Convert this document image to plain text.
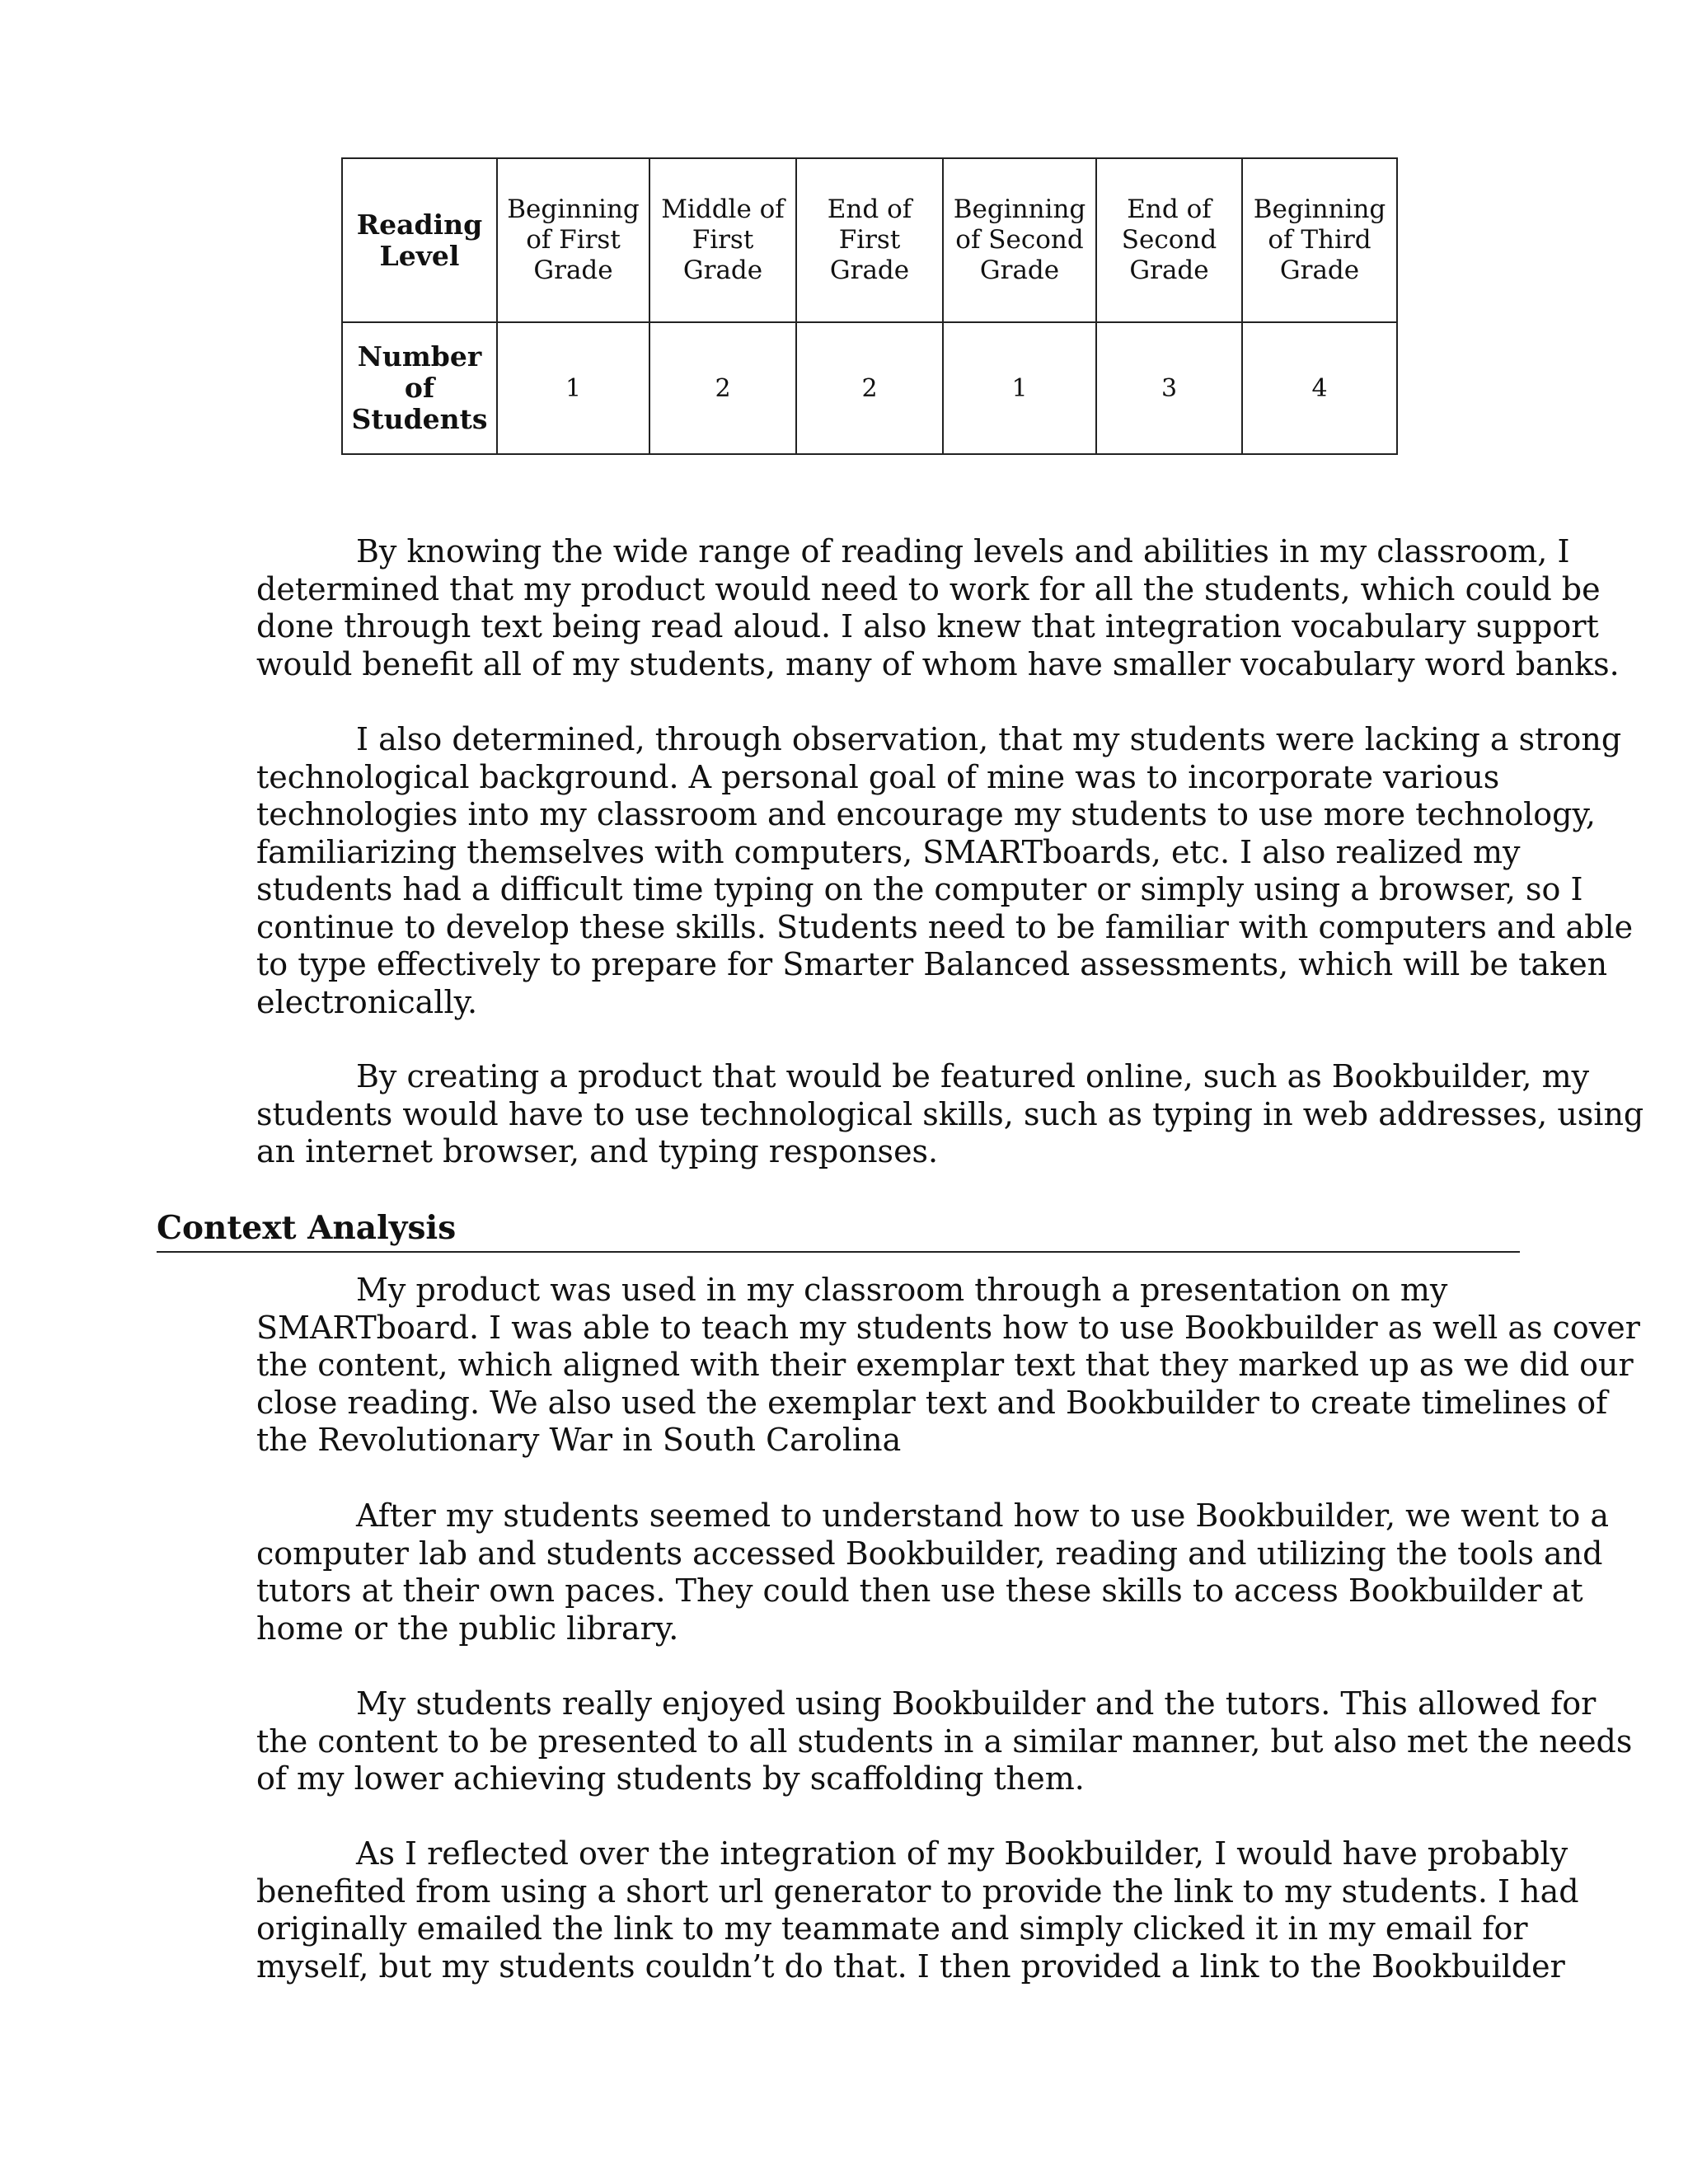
Reading Level	Beginning of First Grade	Middle of First Grade	End of First Grade	Beginning of Second Grade	End of Second Grade	Beginning of Third Grade
Number of Students	1	2	2	1	3	4

By knowing the wide range of reading levels and abilities in my classroom, I
determined that my product would need to work for all the students, which could be
done through text being read aloud. I also knew that integration vocabulary support
would benefit all of my students, many of whom have smaller vocabulary word banks.

I also determined, through observation, that my students were lacking a strong
technological background. A personal goal of mine was to incorporate various
technologies into my classroom and encourage my students to use more technology,
familiarizing themselves with computers, SMARTboards, etc. I also realized my
students had a difficult time typing on the computer or simply using a browser, so I
continue to develop these skills. Students need to be familiar with computers and able
to type effectively to prepare for Smarter Balanced assessments, which will be taken
electronically.

By creating a product that would be featured online, such as Bookbuilder, my
students would have to use technological skills, such as typing in web addresses, using
an internet browser, and typing responses.

Context Analysis

My product was used in my classroom through a presentation on my
SMARTboard. I was able to teach my students how to use Bookbuilder as well as cover
the content, which aligned with their exemplar text that they marked up as we did our
close reading. We also used the exemplar text and Bookbuilder to create timelines of
the Revolutionary War in South Carolina

After my students seemed to understand how to use Bookbuilder, we went to a
computer lab and students accessed Bookbuilder, reading and utilizing the tools and
tutors at their own paces. They could then use these skills to access Bookbuilder at
home or the public library.

My students really enjoyed using Bookbuilder and the tutors. This allowed for
the content to be presented to all students in a similar manner, but also met the needs
of my lower achieving students by scaffolding them.

As I reflected over the integration of my Bookbuilder, I would have probably
benefited from using a short url generator to provide the link to my students. I had
originally emailed the link to my teammate and simply clicked it in my email for
myself, but my students couldn’t do that. I then provided a link to the Bookbuilder
